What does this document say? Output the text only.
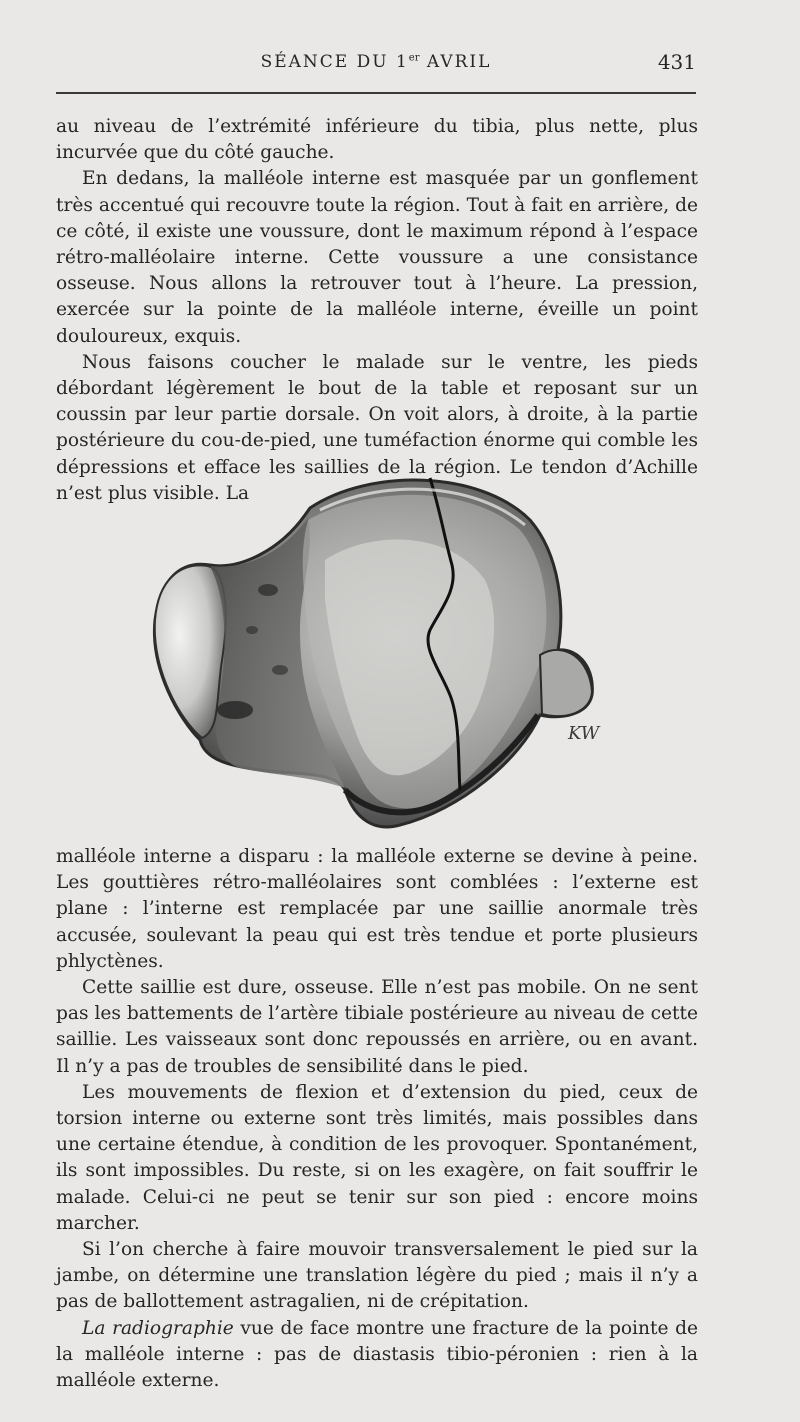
SÉANCE DU 1er AVRIL	431

au niveau de l’extrémité inférieure du tibia, plus nette, plus incurvée que du côté gauche.

En dedans, la malléole interne est masquée par un gonflement très accentué qui recouvre toute la région. Tout à fait en arrière, de ce côté, il existe une voussure, dont le maximum répond à l’espace rétro-malléolaire interne. Cette voussure a une consistance osseuse. Nous allons la retrouver tout à l’heure. La pression, exercée sur la pointe de la malléole interne, éveille un point douloureux, exquis.

Nous faisons coucher le malade sur le ventre, les pieds débordant légèrement le bout de la table et reposant sur un coussin par leur partie dorsale. On voit alors, à droite, à la partie postérieure du cou-de-pied, une tuméfaction énorme qui comble les dépressions et efface les saillies de la région. Le tendon d’Achille n’est plus visible. La

KW

malléole interne a disparu : la malléole externe se devine à peine. Les gouttières rétro-malléolaires sont comblées : l’externe est plane : l’interne est remplacée par une saillie anormale très accusée, soulevant la peau qui est très tendue et porte plusieurs phlyctènes.

Cette saillie est dure, osseuse. Elle n’est pas mobile. On ne sent pas les battements de l’artère tibiale postérieure au niveau de cette saillie. Les vaisseaux sont donc repoussés en arrière, ou en avant. Il n’y a pas de troubles de sensibilité dans le pied.

Les mouvements de flexion et d’extension du pied, ceux de torsion interne ou externe sont très limités, mais possibles dans une certaine étendue, à condition de les provoquer. Spontanément, ils sont impossibles. Du reste, si on les exagère, on fait souffrir le malade. Celui-ci ne peut se tenir sur son pied : encore moins marcher.

Si l’on cherche à faire mouvoir transversalement le pied sur la jambe, on détermine une translation légère du pied ; mais il n’y a pas de ballottement astragalien, ni de crépitation.

La radiographie vue de face montre une fracture de la pointe de la malléole interne : pas de diastasis tibio-péronien : rien à la malléole externe.
